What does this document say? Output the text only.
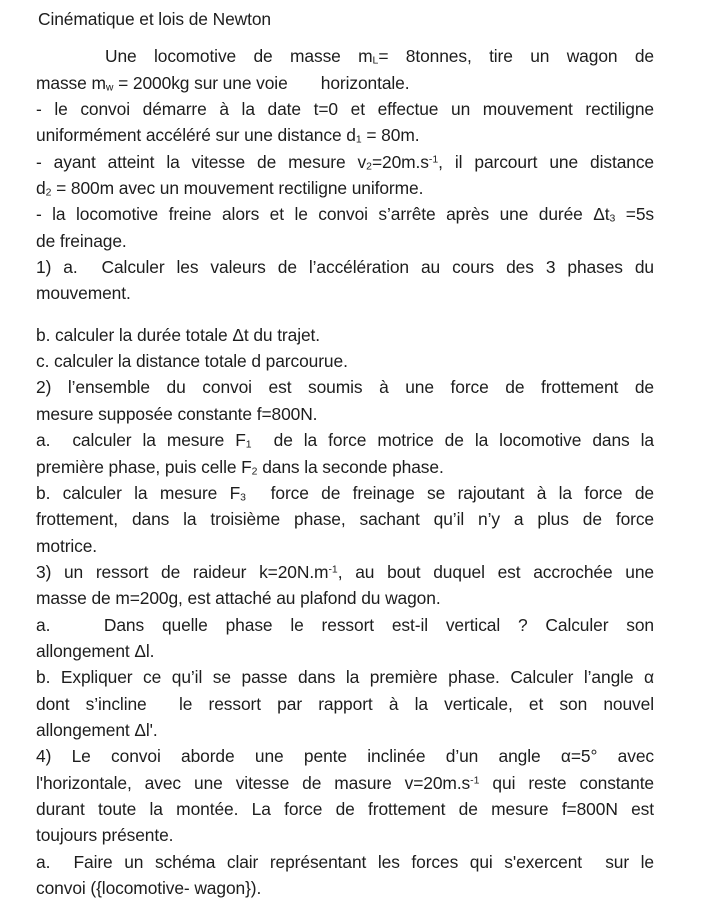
Cinématique et lois de Newton
Une locomotive de masse $m_L=$ 8tonnes, tire un wagon de
masse $m_w = 2000kg$ sur une voie       horizontale.
- le convoi démarre à la date t=0 et effectue un mouvement rectiligne
uniformément accéléré sur une distance $d_1 = 80m$.
- ayant atteint la vitesse de mesure $v_2=20m.s^{-1}$, il parcourt une distance
$d_2 = 800m$ avec un mouvement rectiligne uniforme.
- la locomotive freine alors et le convoi s’arrête après une durée $\Delta t_3 =5s$
de freinage.
1) a.  Calculer les valeurs de l’accélération au cours des 3 phases du
mouvement.
b. calculer la durée totale Δt du trajet.
c. calculer la distance totale d parcourue.
2) l’ensemble du convoi est soumis à une force de frottement de
mesure supposée constante f=800N.
a.  calculer la mesure $F_1$  de la force motrice de la locomotive dans la
première phase, puis celle $F_2$ dans la seconde phase.
b. calculer la mesure $F_3$  force de freinage se rajoutant à la force de
frottement, dans la troisième phase, sachant qu’il n’y a plus de force
motrice.
3) un ressort de raideur $k=20N.m^{-1}$, au bout duquel est accrochée une
masse de m=200g, est attaché au plafond du wagon.
a.   Dans quelle phase le ressort est-il vertical ? Calculer son
allongement Δl.
b. Expliquer ce qu’il se passe dans la première phase. Calculer l’angle α
dont s’incline  le ressort par rapport à la verticale, et son nouvel
allongement Δl'.
4) Le convoi aborde une pente inclinée d’un angle α=5° avec
l'horizontale, avec une vitesse de masure $v=20m.s^{-1}$ qui reste constante
durant toute la montée. La force de frottement de mesure f=800N est
toujours présente.
a.  Faire un schéma clair représentant les forces qui s'exercent  sur le
convoi ({locomotive- wagon}).
